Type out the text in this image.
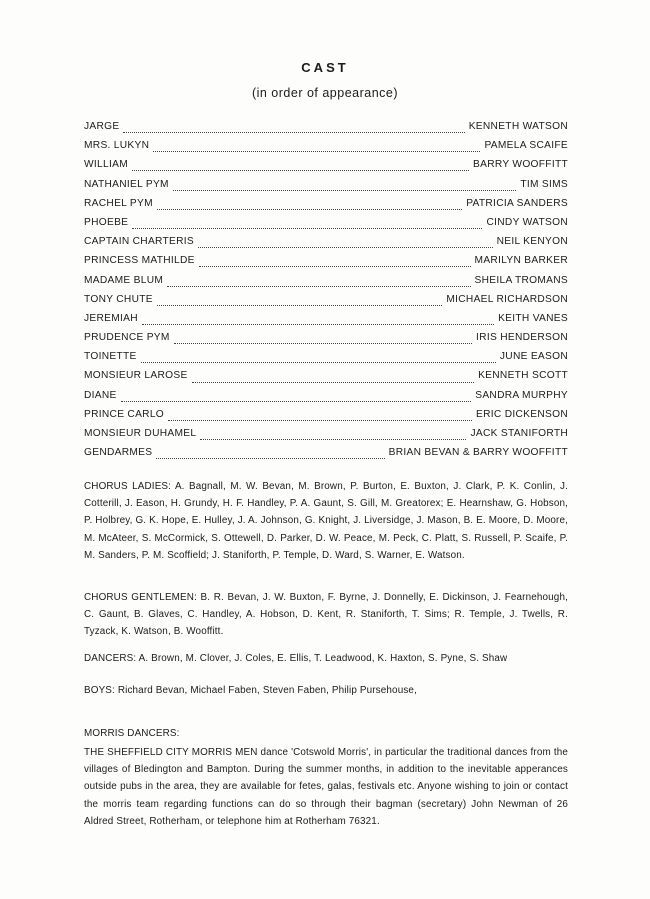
CAST
(in order of appearance)
JARGE	KENNETH WATSON
MRS. LUKYN	PAMELA SCAIFE
WILLIAM	BARRY WOOFFITT
NATHANIEL PYM	TIM SIMS
RACHEL PYM	PATRICIA SANDERS
PHOEBE	CINDY WATSON
CAPTAIN CHARTERIS	NEIL KENYON
PRINCESS MATHILDE	MARILYN BARKER
MADAME BLUM	SHEILA TROMANS
TONY CHUTE	MICHAEL RICHARDSON
JEREMIAH	KEITH VANES
PRUDENCE PYM	IRIS HENDERSON
TOINETTE	JUNE EASON
MONSIEUR LAROSE	KENNETH SCOTT
DIANE	SANDRA MURPHY
PRINCE CARLO	ERIC DICKENSON
MONSIEUR DUHAMEL	JACK STANIFORTH
GENDARMES	BRIAN BEVAN & BARRY WOOFFITT
CHORUS LADIES: A. Bagnall, M. W. Bevan, M. Brown, P. Burton, E. Buxton, J. Clark, P. K. Conlin, J. Cotterill, J. Eason, H. Grundy, H. F. Handley, P. A. Gaunt, S. Gill, M. Greatorex; E. Hearnshaw, G. Hobson, P. Holbrey, G. K. Hope, E. Hulley, J. A. Johnson, G. Knight, J. Liversidge, J. Mason, B. E. Moore, D. Moore, M. McAteer, S. McCormick, S. Ottewell, D. Parker, D. W. Peace, M. Peck, C. Platt, S. Russell, P. Scaife, P. M. Sanders, P. M. Scoffield; J. Staniforth, P. Temple, D. Ward, S. Warner, E. Watson.
CHORUS GENTLEMEN: B. R. Bevan, J. W. Buxton, F. Byrne, J. Donnelly, E. Dickinson, J. Fearnehough, C. Gaunt, B. Glaves, C. Handley, A. Hobson, D. Kent, R. Staniforth, T. Sims; R. Temple, J. Twells, R. Tyzack, K. Watson, B. Wooffitt.
DANCERS: A. Brown, M. Clover, J. Coles, E. Ellis, T. Leadwood, K. Haxton, S. Pyne, S. Shaw
BOYS: Richard Bevan, Michael Faben, Steven Faben, Philip Pursehouse,
MORRIS DANCERS:
THE SHEFFIELD CITY MORRIS MEN dance 'Cotswold Morris', in particular the traditional dances from the villages of Bledington and Bampton. During the summer months, in addition to the inevitable apperances outside pubs in the area, they are available for fetes, galas, festivals etc. Anyone wishing to join or contact the morris team regarding functions can do so through their bagman (secretary) John Newman of 26 Aldred Street, Rotherham, or telephone him at Rotherham 76321.
